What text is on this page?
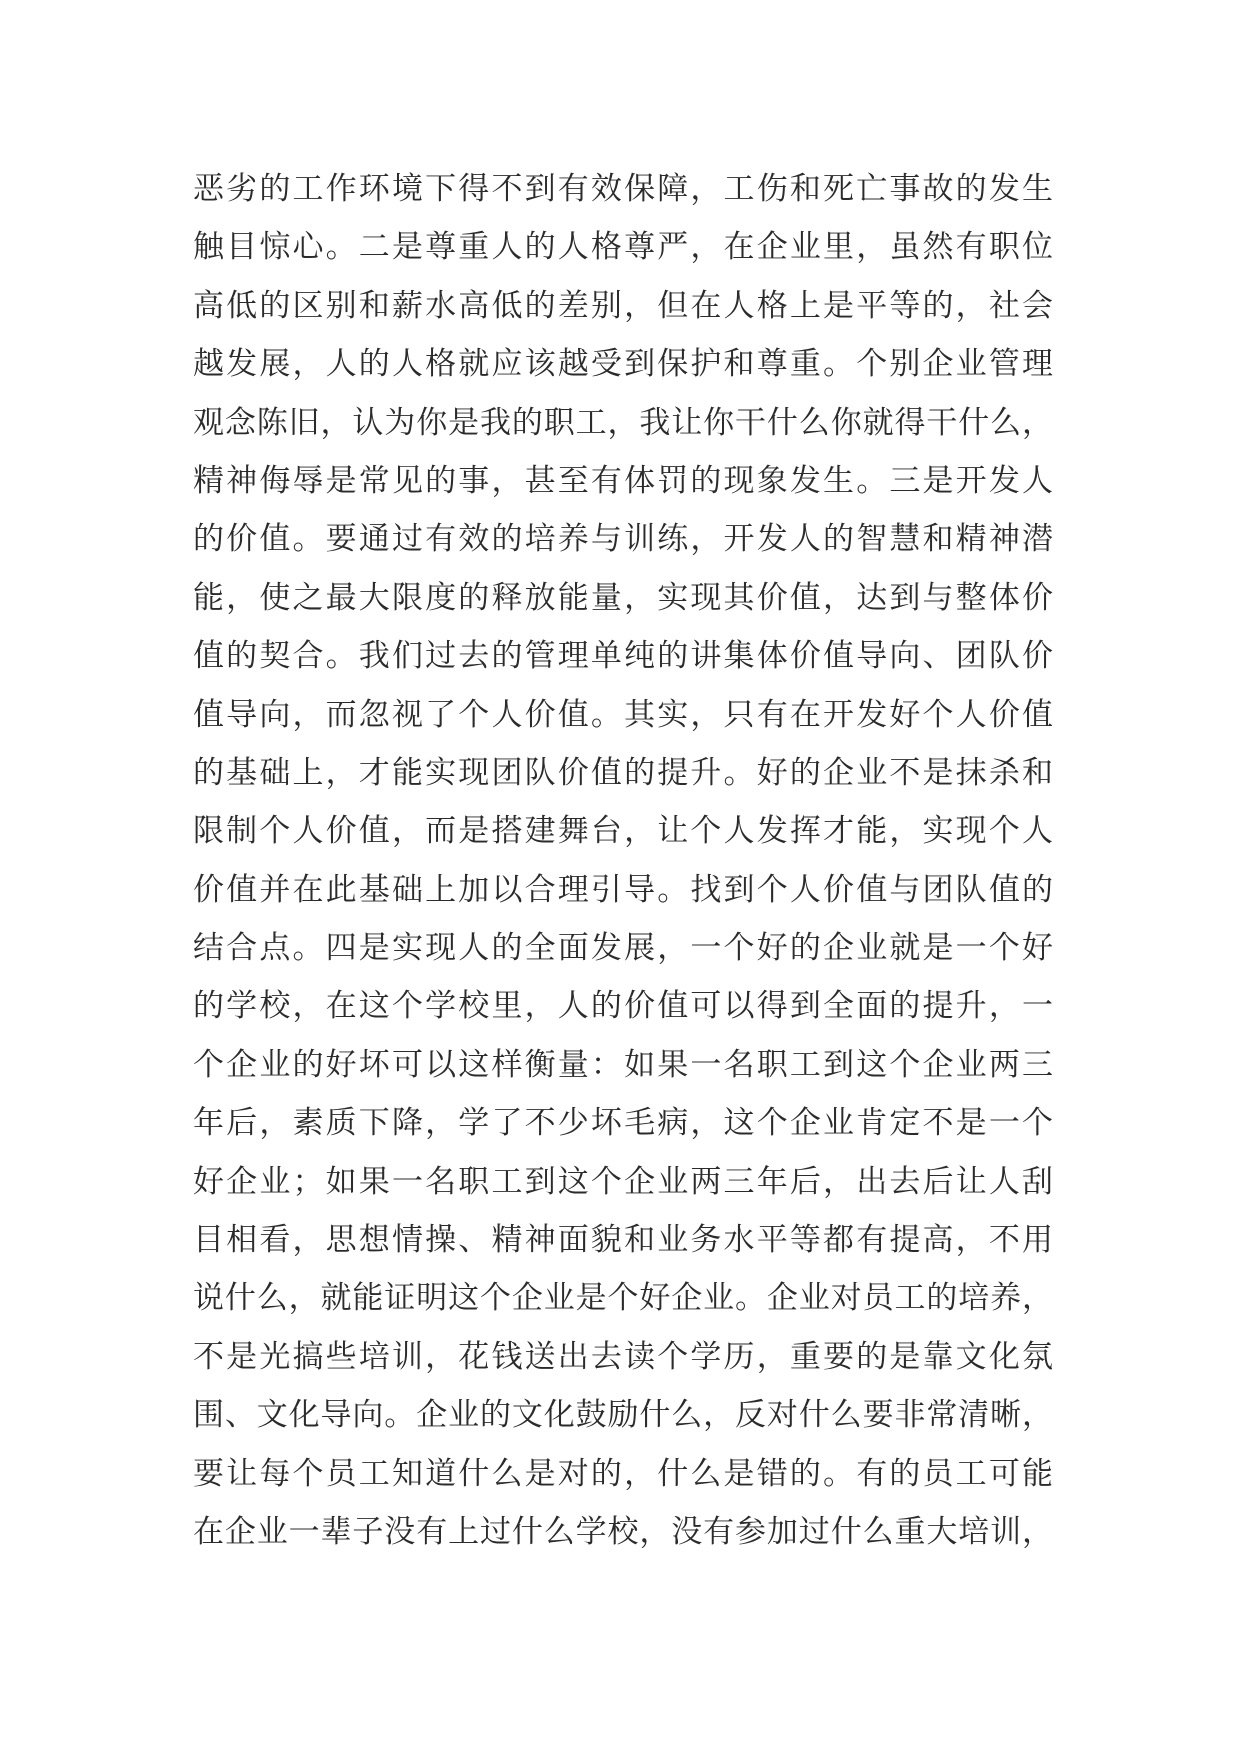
恶劣的工作环境下得不到有效保障，工伤和死亡事故的发生
触目惊心。二是尊重人的人格尊严，在企业里，虽然有职位
高低的区别和薪水高低的差别，但在人格上是平等的，社会
越发展，人的人格就应该越受到保护和尊重。个别企业管理
观念陈旧，认为你是我的职工，我让你干什么你就得干什么，
精神侮辱是常见的事，甚至有体罚的现象发生。三是开发人
的价值。要通过有效的培养与训练，开发人的智慧和精神潜
能，使之最大限度的释放能量，实现其价值，达到与整体价
值的契合。我们过去的管理单纯的讲集体价值导向、团队价
值导向，而忽视了个人价值。其实，只有在开发好个人价值
的基础上，才能实现团队价值的提升。好的企业不是抹杀和
限制个人价值，而是搭建舞台，让个人发挥才能，实现个人
价值并在此基础上加以合理引导。找到个人价值与团队值的
结合点。四是实现人的全面发展，一个好的企业就是一个好
的学校，在这个学校里，人的价值可以得到全面的提升，一
个企业的好坏可以这样衡量：如果一名职工到这个企业两三
年后，素质下降，学了不少坏毛病，这个企业肯定不是一个
好企业；如果一名职工到这个企业两三年后，出去后让人刮
目相看，思想情操、精神面貌和业务水平等都有提高，不用
说什么，就能证明这个企业是个好企业。企业对员工的培养，
不是光搞些培训，花钱送出去读个学历，重要的是靠文化氛
围、文化导向。企业的文化鼓励什么，反对什么要非常清晰，
要让每个员工知道什么是对的，什么是错的。有的员工可能
在企业一辈子没有上过什么学校，没有参加过什么重大培训，
